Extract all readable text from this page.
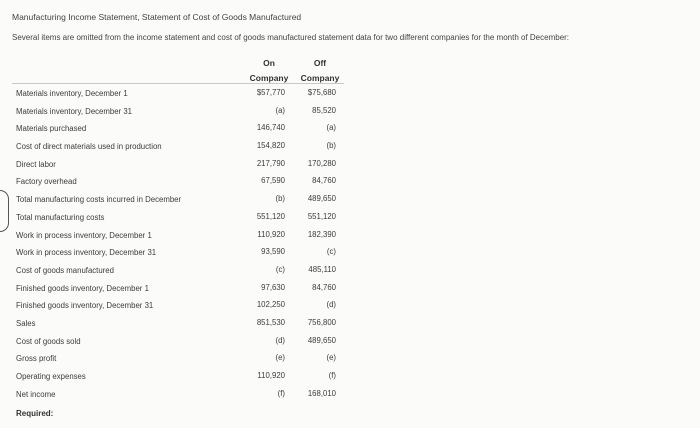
Manufacturing Income Statement, Statement of Cost of Goods Manufactured
Several items are omitted from the income statement and cost of goods manufactured statement data for two different companies for the month of December:
On
Company
Off
Company
Materials inventory, December 1	$57,770	$75,680
Materials inventory, December 31	(a)	85,520
Materials purchased	146,740	(a)
Cost of direct materials used in production	154,820	(b)
Direct labor	217,790	170,280
Factory overhead	67,590	84,760
Total manufacturing costs incurred in December	(b)	489,650
Total manufacturing costs	551,120	551,120
Work in process inventory, December 1	110,920	182,390
Work in process inventory, December 31	93,590	(c)
Cost of goods manufactured	(c)	485,110
Finished goods inventory, December 1	97,630	84,760
Finished goods inventory, December 31	102,250	(d)
Sales	851,530	756,800
Cost of goods sold	(d)	489,650
Gross profit	(e)	(e)
Operating expenses	110,920	(f)
Net income	(f)	168,010
Required:
